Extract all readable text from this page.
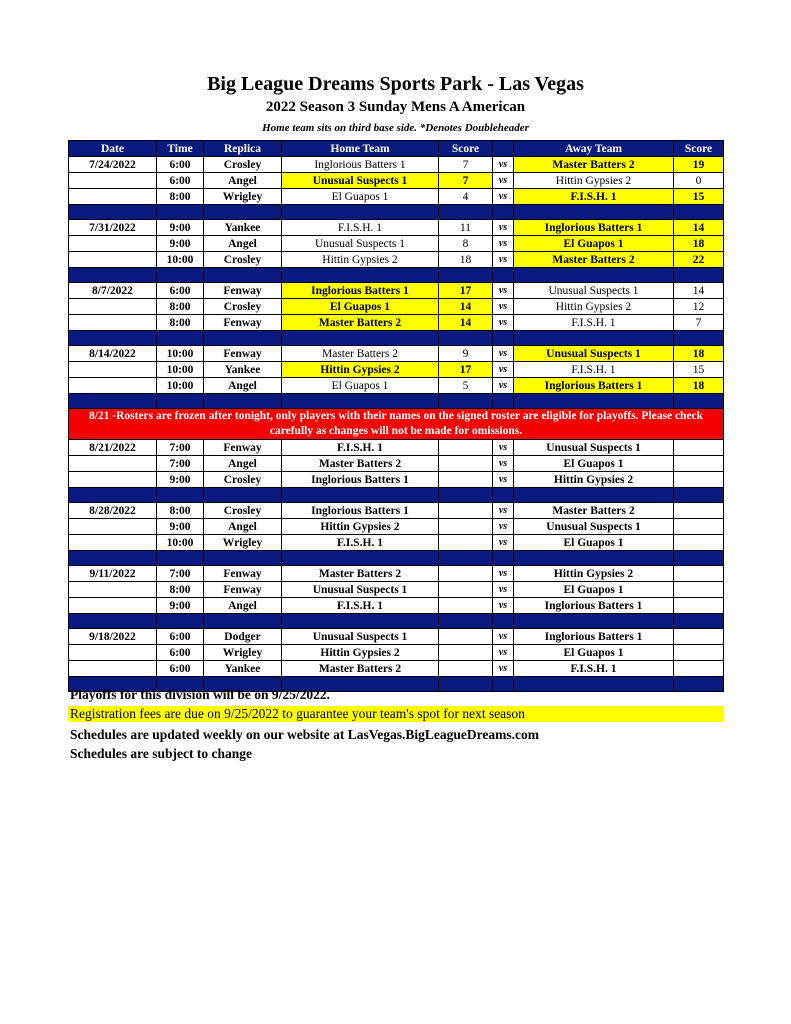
Big League Dreams Sports Park - Las Vegas
2022 Season 3 Sunday Mens A American
Home team sits on third base side. *Denotes Doubleheader
Date	Time	Replica	Home Team	Score		Away Team	Score
7/24/2022	6:00	Crosley	Inglorious Batters 1	7	vs	Master Batters 2	19
	6:00	Angel	Unusual Suspects 1	7	vs	Hittin Gypsies 2	0
	8:00	Wrigley	El Guapos 1	4	vs	F.I.S.H. 1	15

7/31/2022	9:00	Yankee	F.I.S.H. 1	11	vs	Inglorious Batters 1	14
	9:00	Angel	Unusual Suspects 1	8	vs	El Guapos 1	18
	10:00	Crosley	Hittin Gypsies 2	18	vs	Master Batters 2	22

8/7/2022	6:00	Fenway	Inglorious Batters 1	17	vs	Unusual Suspects 1	14
	8:00	Crosley	El Guapos 1	14	vs	Hittin Gypsies 2	12
	8:00	Fenway	Master Batters 2	14	vs	F.I.S.H. 1	7

8/14/2022	10:00	Fenway	Master Batters 2	9	vs	Unusual Suspects 1	18
	10:00	Yankee	Hittin Gypsies 2	17	vs	F.I.S.H. 1	15
	10:00	Angel	El Guapos 1	5	vs	Inglorious Batters 1	18

8/21 -Rosters are frozen after tonight, only players with their names on the signed roster are eligible for playoffs. Please check carefully as changes will not be made for omissions.							
8/21/2022	7:00	Fenway	F.I.S.H. 1		vs	Unusual Suspects 1	
	7:00	Angel	Master Batters 2		vs	El Guapos 1	
	9:00	Crosley	Inglorious Batters 1		vs	Hittin Gypsies 2	

8/28/2022	8:00	Crosley	Inglorious Batters 1		vs	Master Batters 2	
	9:00	Angel	Hittin Gypsies 2		vs	Unusual Suspects 1	
	10:00	Wrigley	F.I.S.H. 1		vs	El Guapos 1	

9/11/2022	7:00	Fenway	Master Batters 2		vs	Hittin Gypsies 2	
	8:00	Fenway	Unusual Suspects 1		vs	El Guapos 1	
	9:00	Angel	F.I.S.H. 1		vs	Inglorious Batters 1	

9/18/2022	6:00	Dodger	Unusual Suspects 1		vs	Inglorious Batters 1	
	6:00	Wrigley	Hittin Gypsies 2		vs	El Guapos 1	
	6:00	Yankee	Master Batters 2		vs	F.I.S.H. 1	

Playoffs for this division will be on 9/25/2022.
Registration fees are due on 9/25/2022 to guarantee your team's spot for next season
Schedules are updated weekly on our website at LasVegas.BigLeagueDreams.com
Schedules are subject to change
